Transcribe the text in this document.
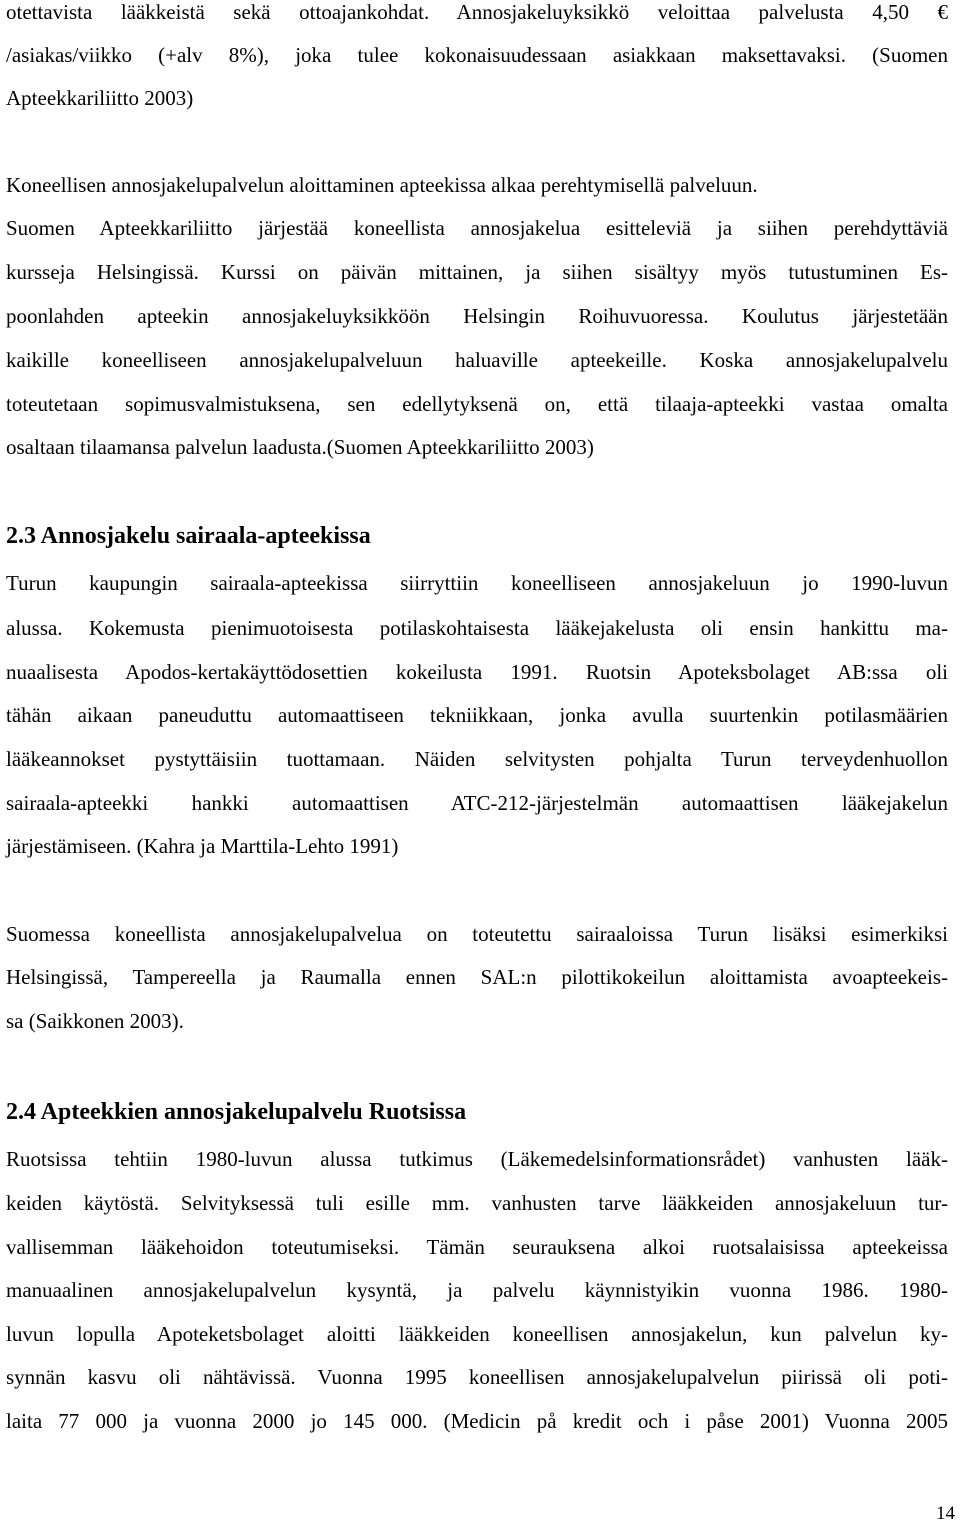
otettavista lääkkeistä sekä ottoajankohdat. Annosjakeluyksikkö veloittaa palvelusta 4,50 €
/asiakas/viikko (+alv 8%), joka tulee kokonaisuudessaan asiakkaan maksettavaksi. (Suomen
Apteekkariliitto 2003)
Koneellisen annosjakelupalvelun aloittaminen apteekissa alkaa perehtymisellä palveluun.
Suomen Apteekkariliitto järjestää koneellista annosjakelua esitteleviä ja siihen perehdyttäviä
kursseja Helsingissä. Kurssi on päivän mittainen, ja siihen sisältyy myös tutustuminen Es-
poonlahden apteekin annosjakeluyksikköön Helsingin Roihuvuoressa. Koulutus järjestetään
kaikille koneelliseen annosjakelupalveluun haluaville apteekeille. Koska annosjakelupalvelu
toteutetaan sopimusvalmistuksena, sen edellytyksenä on, että tilaaja-apteekki vastaa omalta
osaltaan tilaamansa palvelun laadusta.(Suomen Apteekkariliitto 2003)
2.3 Annosjakelu sairaala-apteekissa
Turun kaupungin sairaala-apteekissa siirryttiin koneelliseen annosjakeluun jo 1990-luvun
alussa. Kokemusta pienimuotoisesta potilaskohtaisesta lääkejakelusta oli ensin hankittu ma-
nuaalisesta Apodos-kertakäyttödosettien kokeilusta 1991. Ruotsin Apoteksbolaget AB:ssa oli
tähän aikaan paneuduttu automaattiseen tekniikkaan, jonka avulla suurtenkin potilasmäärien
lääkeannokset pystyttäisiin tuottamaan. Näiden selvitysten pohjalta Turun terveydenhuollon
sairaala-apteekki hankki automaattisen ATC-212-järjestelmän automaattisen lääkejakelun
järjestämiseen. (Kahra ja Marttila-Lehto 1991)
Suomessa koneellista annosjakelupalvelua on toteutettu sairaaloissa Turun lisäksi esimerkiksi
Helsingissä, Tampereella ja Raumalla ennen SAL:n pilottikokeilun aloittamista avoapteekeis-
sa (Saikkonen 2003).
2.4 Apteekkien annosjakelupalvelu Ruotsissa
Ruotsissa tehtiin 1980-luvun alussa tutkimus (Läkemedelsinformationsrådet) vanhusten lääk-
keiden käytöstä. Selvityksessä tuli esille mm. vanhusten tarve lääkkeiden annosjakeluun tur-
vallisemman lääkehoidon toteutumiseksi. Tämän seurauksena alkoi ruotsalaisissa apteekeissa
manuaalinen annosjakelupalvelun kysyntä, ja palvelu käynnistyikin vuonna 1986. 1980-
luvun lopulla Apoteketsbolaget aloitti lääkkeiden koneellisen annosjakelun, kun palvelun ky-
synnän kasvu oli nähtävissä. Vuonna 1995 koneellisen annosjakelupalvelun piirissä oli poti-
laita 77 000 ja vuonna 2000 jo 145 000. (Medicin på kredit och i påse 2001) Vuonna 2005
14
